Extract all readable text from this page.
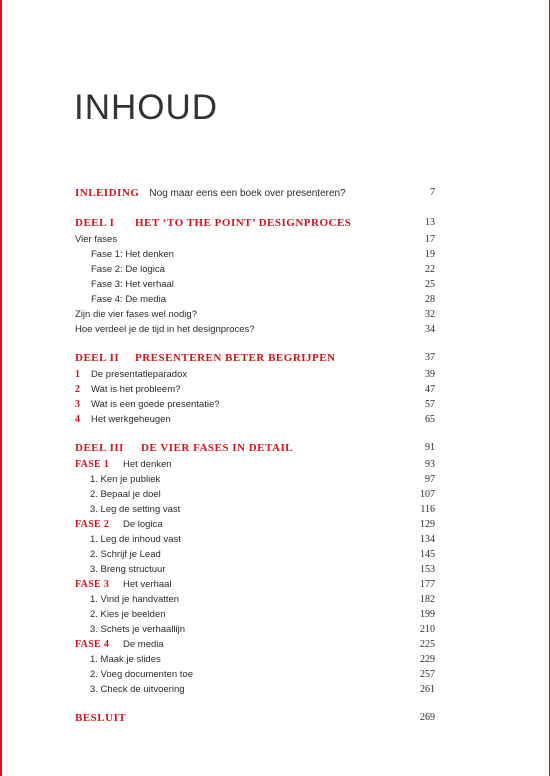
INHOUD
INLEIDING Nog maar eens een boek over presenteren?	7
DEEL I HET ‘TO THE POINT’ DESIGNPROCES	13
Vier fases	17
Fase 1: Het denken	19
Fase 2: De logica	22
Fase 3: Het verhaal	25
Fase 4: De media	28
Zijn die vier fases wel nodig?	32
Hoe verdeel je de tijd in het designproces?	34
DEEL II PRESENTEREN BETER BEGRIJPEN	37
1 De presentatieparadox	39
2 Wat is het probleem?	47
3 Wat is een goede presentatie?	57
4 Het werkgeheugen	65
DEEL III DE VIER FASES IN DETAIL	91
FASE 1 Het denken	93
1. Ken je publiek	97
2. Bepaal je doel	107
3. Leg de setting vast	116
FASE 2 De logica	129
1. Leg de inhoud vast	134
2. Schrijf je Lead	145
3. Breng structuur	153
FASE 3 Het verhaal	177
1. Vind je handvatten	182
2. Kies je beelden	199
3. Schets je verhaallijn	210
FASE 4 De media	225
1. Maak je slides	229
2. Voeg documenten toe	257
3. Check de uitvoering	261
BESLUIT	269
